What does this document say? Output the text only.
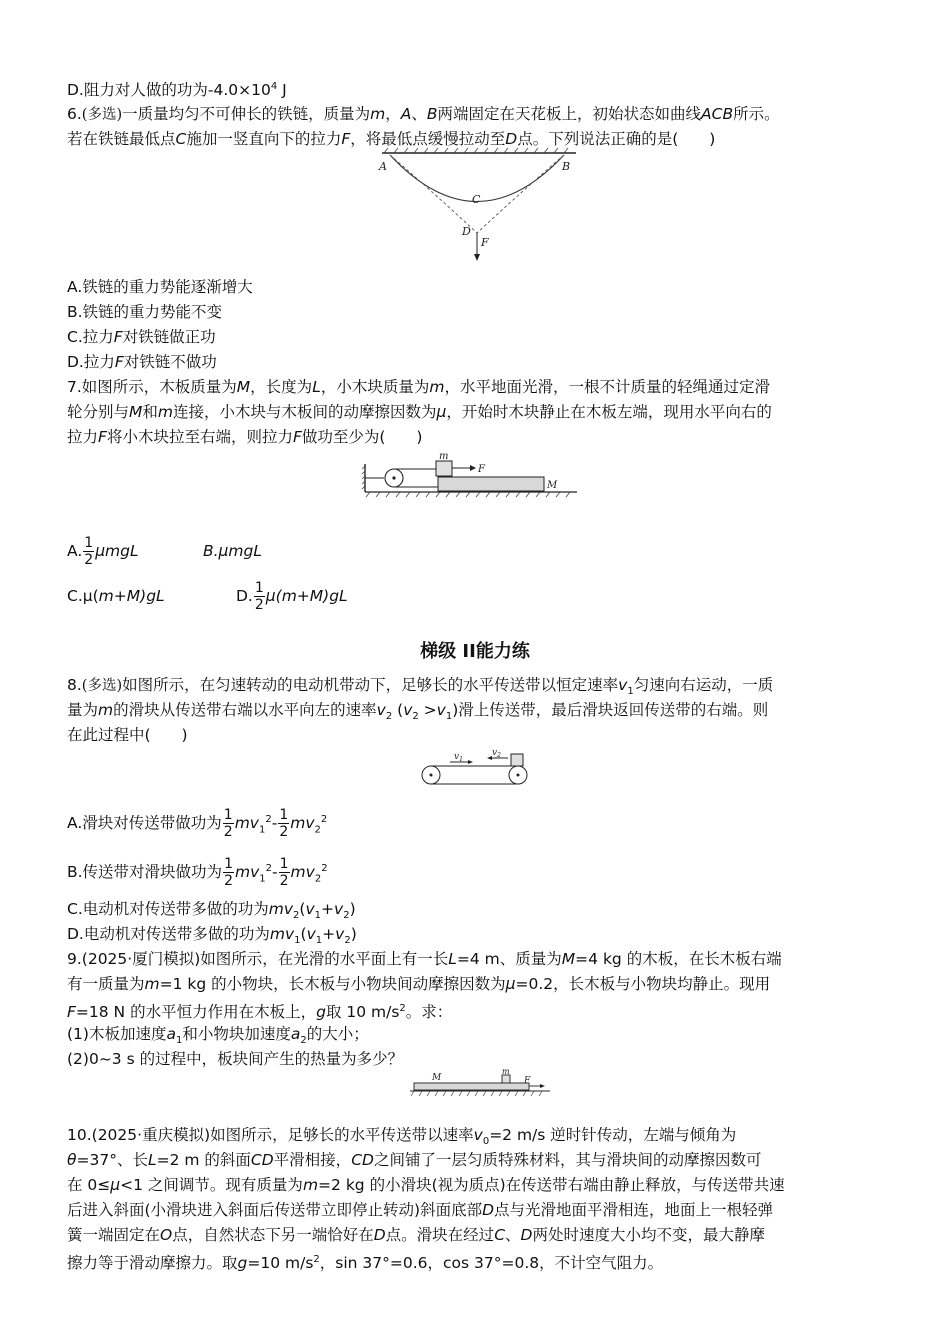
D.阻力对人做的功为$-4.0\times 10^4$ J
6.(多选)一质量均匀不可伸长的铁链，质量为m，A、B两端固定在天花板上，初始状态如曲线ACB所示。
若在铁链最低点C施加一竖直向下的拉力F，将最低点缓慢拉动至D点。下列说法正确的是(　　)
A	B
C
D
F
A.铁链的重力势能逐渐增大
B.铁链的重力势能不变
C.拉力F对铁链做正功
D.拉力F对铁链不做功
7.如图所示，木板质量为M，长度为L，小木块质量为m，水平地面光滑，一根不计质量的轻绳通过定滑
轮分别与M和m连接，小木块与木板间的动摩擦因数为μ，开始时木块静止在木板左端，现用水平向右的
拉力F将小木块拉至右端，则拉力F做功至少为(　　)
m
F
M
A. $\frac{1}{2}$ μmgL	B.μmgL
C.μ(m+M)gL	D. $\frac{1}{2} \mu(m+M)gL$
梯级 II能力练
8.(多选)如图所示，在匀速转动的电动机带动下，足够长的水平传送带以恒定速率$v_1$匀速向右运动，一质
量为m的滑块从传送带右端以水平向左的速率$v_2$ $(v_2 >v_1)$滑上传送带，最后滑块返回传送带的右端。则
在此过程中(　　)
$v_1$
$v_2$
A.滑块对传送带做功为 $\frac{1}{2} mv_1^2- \frac{1}{2} mv_2^2$
B.传送带对滑块做功为 $\frac{1}{2} mv_1^2- \frac{1}{2} mv_2^2$
C.电动机对传送带多做的功为$mv_2(v_1+v_2)$
D.电动机对传送带多做的功为$mv_1(v_1+v_2)$
9.(2025·厦门模拟)如图所示，在光滑的水平面上有一长L=4 m、质量为M=4 kg 的木板，在长木板右端
有一质量为m=1 kg 的小物块，长木板与小物块间动摩擦因数为μ=0.2，长木板与小物块均静止。现用
F=18 N 的水平恒力作用在木板上，g取 10 $m/s^2$。求：
(1)木板加速度$a_1$和小物块加速度$a_2$的大小；
(2)0~3 s 的过程中，板块间产生的热量为多少？
M
m
F
10.(2025·重庆模拟)如图所示，足够长的水平传送带以速率$v_0=2$ m/s 逆时针传动，左端与倾角为
θ=37°、长L=2 m 的斜面CD平滑相接，CD之间铺了一层匀质特殊材料，其与滑块间的动摩擦因数可
在 0≤μ<1 之间调节。现有质量为m=2 kg 的小滑块(视为质点)在传送带右端由静止释放，与传送带共速
后进入斜面(小滑块进入斜面后传送带立即停止转动)斜面底部D点与光滑地面平滑相连，地面上一根轻弹
簧一端固定在O点，自然状态下另一端恰好在D点。滑块在经过C、D两处时速度大小均不变，最大静摩
擦力等于滑动摩擦力。取g=10 $m/s^2$，sin 37°=0.6，cos 37°=0.8，不计空气阻力。
